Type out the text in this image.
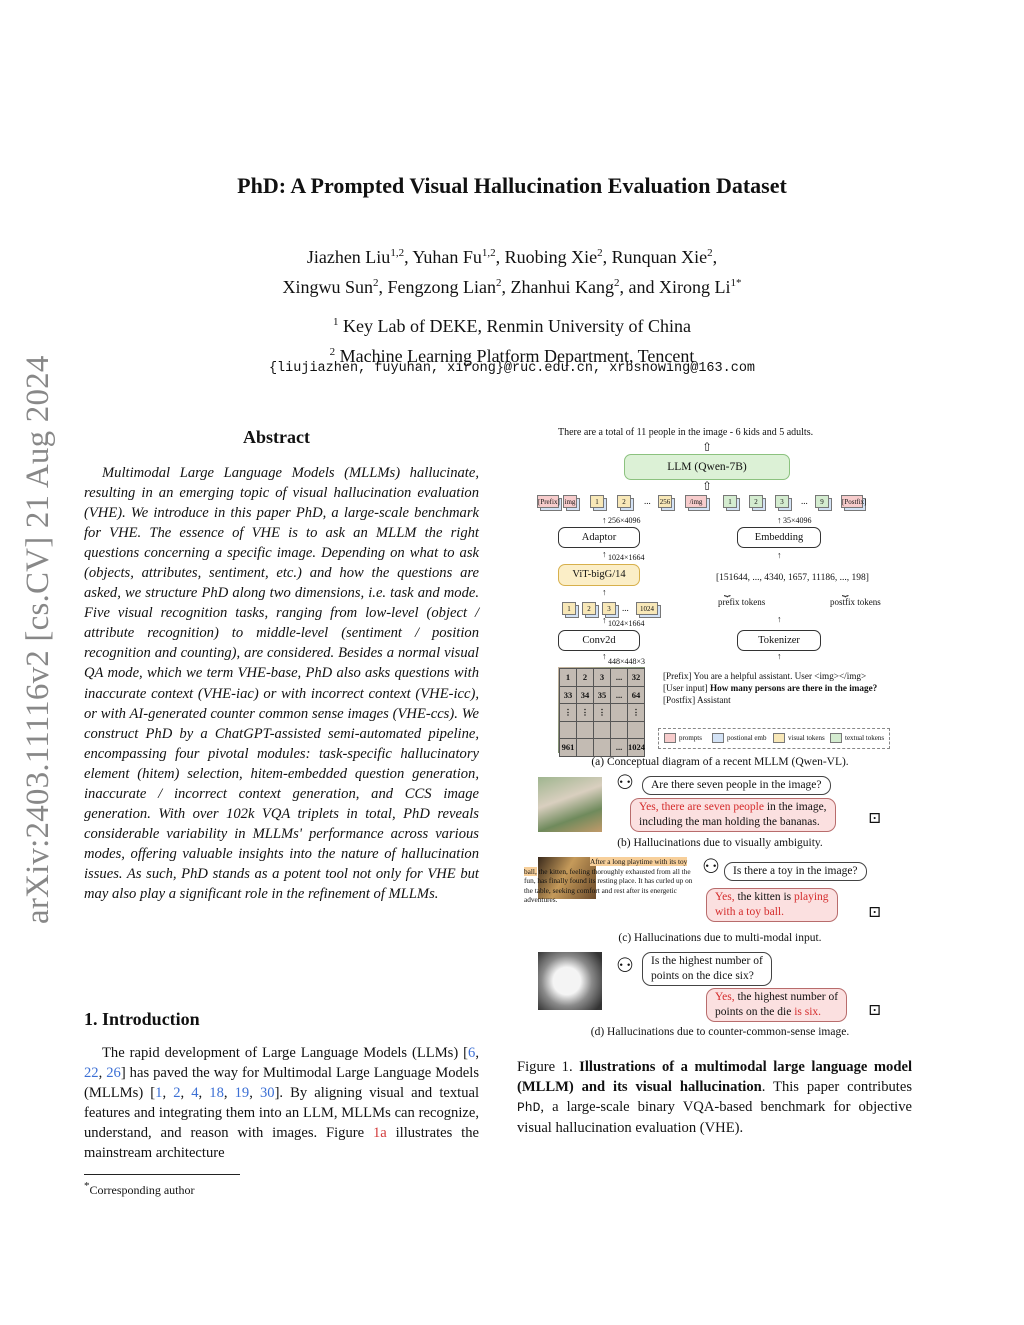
arXiv:2403.11116v2 [cs.CV] 21 Aug 2024
PhD: A Prompted Visual Hallucination Evaluation Dataset
Jiazhen Liu$^{1,2}$, Yuhan Fu$^{1,2}$, Ruobing Xie$^2$, Runquan Xie$^2$,
Xingwu Sun$^2$, Fengzong Lian$^2$, Zhanhui Kang$^2$, and Xirong $Li^{1*}$
$^1$ Key Lab of DEKE, Renmin University of China
$^2$ Machine Learning Platform Department, Tencent
{liujiazhen, fuyuhan, xirong}@ruc.edu.cn, xrbsnowing@163.com
Abstract

Multimodal Large Language Models (MLLMs) hallucinate, resulting in an emerging topic of visual hallucination evaluation (VHE). We introduce in this paper PhD, a large-scale benchmark for VHE. The essence of VHE is to ask an MLLM the right questions concerning a specific image. Depending on what to ask (objects, attributes, sentiment, etc.) and how the questions are asked, we structure PhD along two dimensions, i.e. task and mode. Five visual recognition tasks, ranging from low-level (object / attribute recognition) to middle-level (sentiment / position recognition and counting), are considered. Besides a normal visual QA mode, which we term VHE-base, PhD also asks questions with inaccurate context (VHE-iac) or with incorrect context (VHE-icc), or with AI-generated counter common sense images (VHE-ccs). We construct PhD by a ChatGPT-assisted semi-automated pipeline, encompassing four pivotal modules: task-specific hallucinatory element (hitem) selection, hitem-embedded question generation, inaccurate / incorrect context generation, and CCS image generation. With over 102k VQA triplets in total, PhD reveals considerable variability in MLLMs' performance across various modes, offering valuable insights into the nature of hallucination issues. As such, PhD stands as a potent tool not only for VHE but may also play a significant role in the refinement of MLLMs.

1. Introduction

The rapid development of Large Language Models (LLMs) [6, 22, 26] has paved the way for Multimodal Large Language Models (MLLMs) [1, 2, 4, 18, 19, 30]. By aligning visual and textual features and integrating them into an LLM, MLLMs can recognize, understand, and reason with images. Figure 1a illustrates the mainstream architecture

*Corresponding author
There are a total of 11 people in the image - 6 kids and 5 adults.
⇧
LLM (Qwen-7B)
⇧
[Prefix] img	1	2	... 256	/img	1	2	3	...	9	[Postfix]
↑ 256×4096	↑ 35×4096
Adaptor	Embedding
↑ 1024×1664	↑
ViT-bigG/14	[151644, ..., 4340, 1657, 11186, ..., 198]
⏟	⏟
prefix tokens	postfix tokens
↑
1	2	3	...	1024
↑ 1024×1664	↑
Conv2d	Tokenizer
↑
448×448×3
↑
1	2	3	...	32
33	34	35	...	64
⋮	⋮	⋮	⋮
961	... 1024
[Prefix] You are a helpful assistant. User <img></img>
[User input] How many persons are there in the image?
[Postfix] Assistant
prompts	postional emb	visual tokens	textual tokens
(a) Conceptual diagram of a recent MLLM (Qwen-VL).
⚇	Are there seven people in the image?
Yes, there are seven people in the image,
including the man holding the bananas.	⊡
(b) Hallucinations due to visually ambiguity.
After a long playtime with its toy ball, the kitten, feeling thoroughly exhausted from all the fun, has finally found its resting place. It has curled up on the table, seeking comfort and rest after its energetic adventures.
⚇	Is there a toy in the image?
Yes, the kitten is playing
with a toy ball.	⊡
(c) Hallucinations due to multi-modal input.
⚇ Is the highest number of
points on the dice six?
Yes, the highest number of
points on the die is six.	⊡
(d) Hallucinations due to counter-common-sense image.
Figure 1. Illustrations of a multimodal large language model (MLLM) and its visual hallucination. This paper contributes PhD, a large-scale binary VQA-based benchmark for objective visual hallucination evaluation (VHE).
